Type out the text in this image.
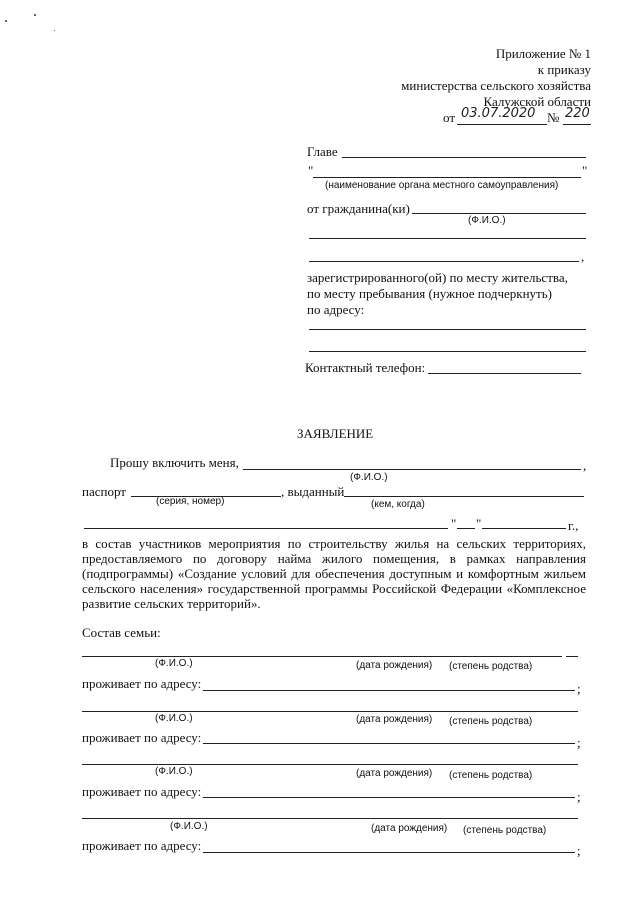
Приложение № 1
к приказу
министерства сельского хозяйства
Калужской области
от 03.07.2020 № 220
Главе
"	"
(наименование органа местного самоуправления)
от гражданина(ки)
(Ф.И.О.)
,
зарегистрированного(ой) по месту жительства,
по месту пребывания (нужное подчеркнуть)
по адресу:
Контактный телефон:
ЗАЯВЛЕНИЕ
Прошу включить меня,	,
(Ф.И.О.)
паспорт	, выданный
(серия, номер)	(кем, когда)
" "	г.,
в состав участников мероприятия по строительству жилья на сельских территориях, предоставляемого по договору найма жилого помещения, в рамках направления (подпрограммы) «Создание условий для обеспечения доступным и комфортным жильем сельского населения» государственной программы Российской Федерации «Комплексное развитие сельских территорий».
Состав семьи:
(Ф.И.О.)	(дата рождения) (степень родства)
проживает по адресу:	;
(Ф.И.О.)	(дата рождения) (степень родства)
проживает по адресу:	;
(Ф.И.О.)	(дата рождения) (степень родства)
проживает по адресу:	;
(Ф.И.О.)	(дата рождения) (степень родства)
проживает по адресу:	;
